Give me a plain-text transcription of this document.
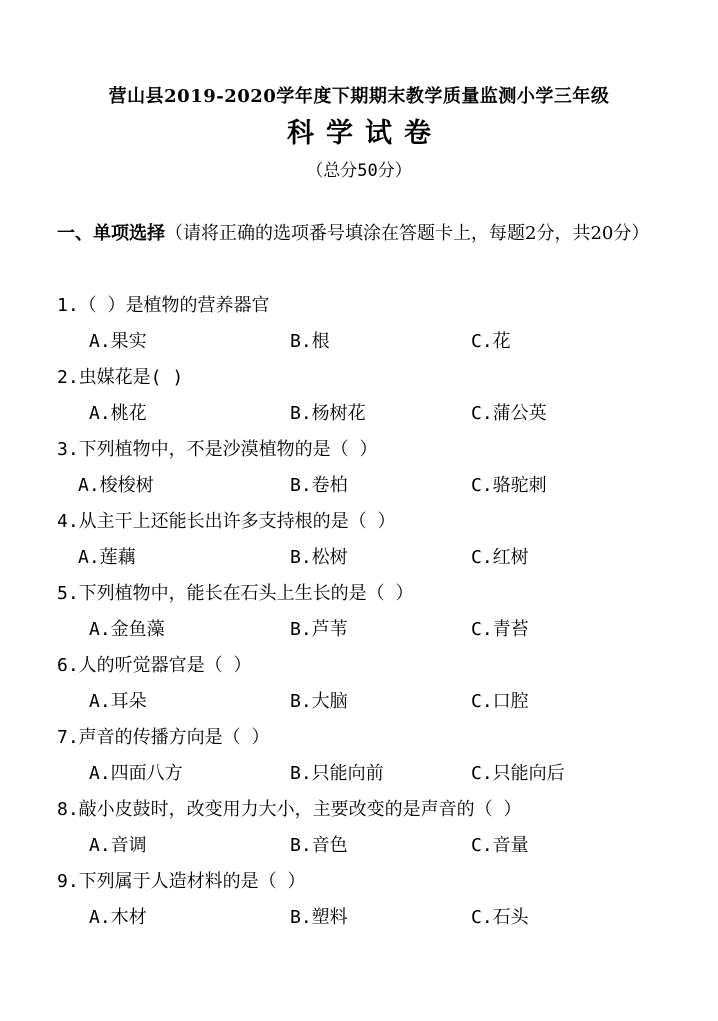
营山县2019-2020学年度下期期末教学质量监测小学三年级
科学试卷
（总分50分）
一、单项选择（请将正确的选项番号填涂在答题卡上，每题2分，共20分）
1.（ ）是植物的营养器官
A.果实	B.根	C.花
2.虫媒花是( )
A.桃花	B.杨树花	C.蒲公英
3.下列植物中，不是沙漠植物的是（ ）
A.梭梭树	B.卷柏	C.骆驼刺
4.从主干上还能长出许多支持根的是（ ）
A.莲藕	B.松树	C.红树
5.下列植物中，能长在石头上生长的是（ ）
A.金鱼藻	B.芦苇	C.青苔
6.人的听觉器官是（ ）
A.耳朵	B.大脑	C.口腔
7.声音的传播方向是（ ）
A.四面八方	B.只能向前	C.只能向后
8.敲小皮鼓时，改变用力大小，主要改变的是声音的（ ）
A.音调	B.音色	C.音量
9.下列属于人造材料的是（ ）
A.木材	B.塑料	C.石头
